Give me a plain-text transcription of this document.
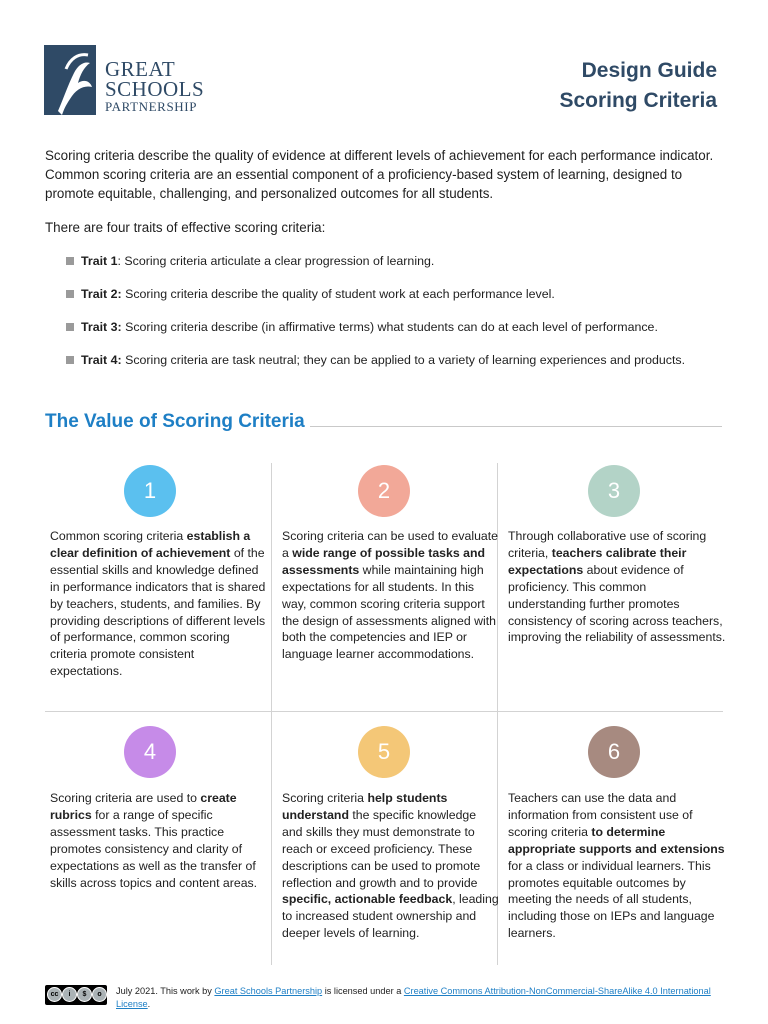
GREAT
SCHOOLS
PARTNERSHIP
Design Guide
Scoring Criteria

Scoring criteria describe the quality of evidence at different levels of achievement for each performance indicator. Common scoring criteria are an essential component of a proficiency-based system of learning, designed to promote equitable, challenging, and personalized outcomes for all students.

There are four traits of effective scoring criteria:

Trait 1: Scoring criteria articulate a clear progression of learning.
Trait 2: Scoring criteria describe the quality of student work at each performance level.
Trait 3: Scoring criteria describe (in affirmative terms) what students can do at each level of performance.
Trait 4: Scoring criteria are task neutral; they can be applied to a variety of learning experiences and products.
The Value of Scoring Criteria
1

Common scoring criteria establish a clear definition of achievement of the essential skills and knowledge defined in performance indicators that is shared by teachers, students, and families. By providing descriptions of different levels of performance, common scoring criteria promote consistent expectations.

2

Scoring criteria can be used to evaluate a wide range of possible tasks and assessments while maintaining high expectations for all students. In this way, common scoring criteria support the design of assessments aligned with both the competencies and IEP or language learner accommodations.

3

Through collaborative use of scoring criteria, teachers calibrate their expectations about evidence of proficiency. This common understanding further promotes consistency of scoring across teachers, improving the reliability of assessments.

4

Scoring criteria are used to create rubrics for a range of specific assessment tasks. This practice promotes consistency and clarity of expectations as well as the transfer of skills across topics and content areas.

5

Scoring criteria help students understand the specific knowledge and skills they must demonstrate to reach or exceed proficiency. These descriptions can be used to promote reflection and growth and to provide specific, actionable feedback, leading to increased student ownership and deeper levels of learning.

6

Teachers can use the data and information from consistent use of scoring criteria to determine appropriate supports and extensions for a class or individual learners. This promotes equitable outcomes by meeting the needs of all students, including those on IEPs and language learners.

cc	i	$	o	July 2021. This work by Great Schools Partnership is licensed under a Creative Commons Attribution-NonCommercial-ShareAlike 4.0 International License.
